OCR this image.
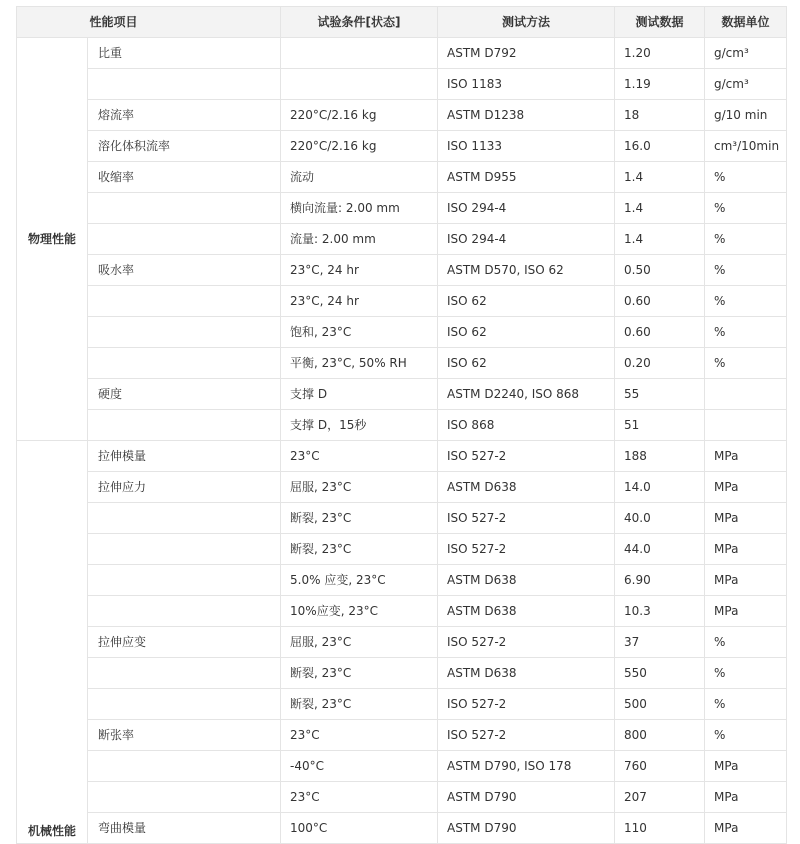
性能项目		试验条件[状态]	测试方法	测试数据	数据单位
物理性能	比重		ASTM D792	1.20	g/cm³
			ISO 1183	1.19	g/cm³
	熔流率	220°C/2.16 kg	ASTM D1238	18	g/10 min
	溶化体积流率	220°C/2.16 kg	ISO 1133	16.0	cm³/10min
	收缩率	流动	ASTM D955	1.4	%
		横向流量: 2.00 mm	ISO 294-4	1.4	%
		流量: 2.00 mm	ISO 294-4	1.4	%
	吸水率	23°C, 24 hr	ASTM D570, ISO 62	0.50	%
		23°C, 24 hr	ISO 62	0.60	%
		饱和, 23°C	ISO 62	0.60	%
		平衡, 23°C, 50% RH	ISO 62	0.20	%
	硬度	支撑 D	ASTM D2240, ISO 868	55	
		支撑 D，15秒	ISO 868	51	
机械性能	拉伸模量	23°C	ISO 527-2	188	MPa
	拉伸应力	屈服, 23°C	ASTM D638	14.0	MPa
		断裂, 23°C	ISO 527-2	40.0	MPa
		断裂, 23°C	ISO 527-2	44.0	MPa
		5.0% 应变, 23°C	ASTM D638	6.90	MPa
		10%应变, 23°C	ASTM D638	10.3	MPa
	拉伸应变	屈服, 23°C	ISO 527-2	37	%
		断裂, 23°C	ASTM D638	550	%
		断裂, 23°C	ISO 527-2	500	%
	断张率	23°C	ISO 527-2	800	%
		-40°C	ASTM D790, ISO 178	760	MPa
		23°C	ASTM D790	207	MPa
	弯曲模量	100°C	ASTM D790	110	MPa
